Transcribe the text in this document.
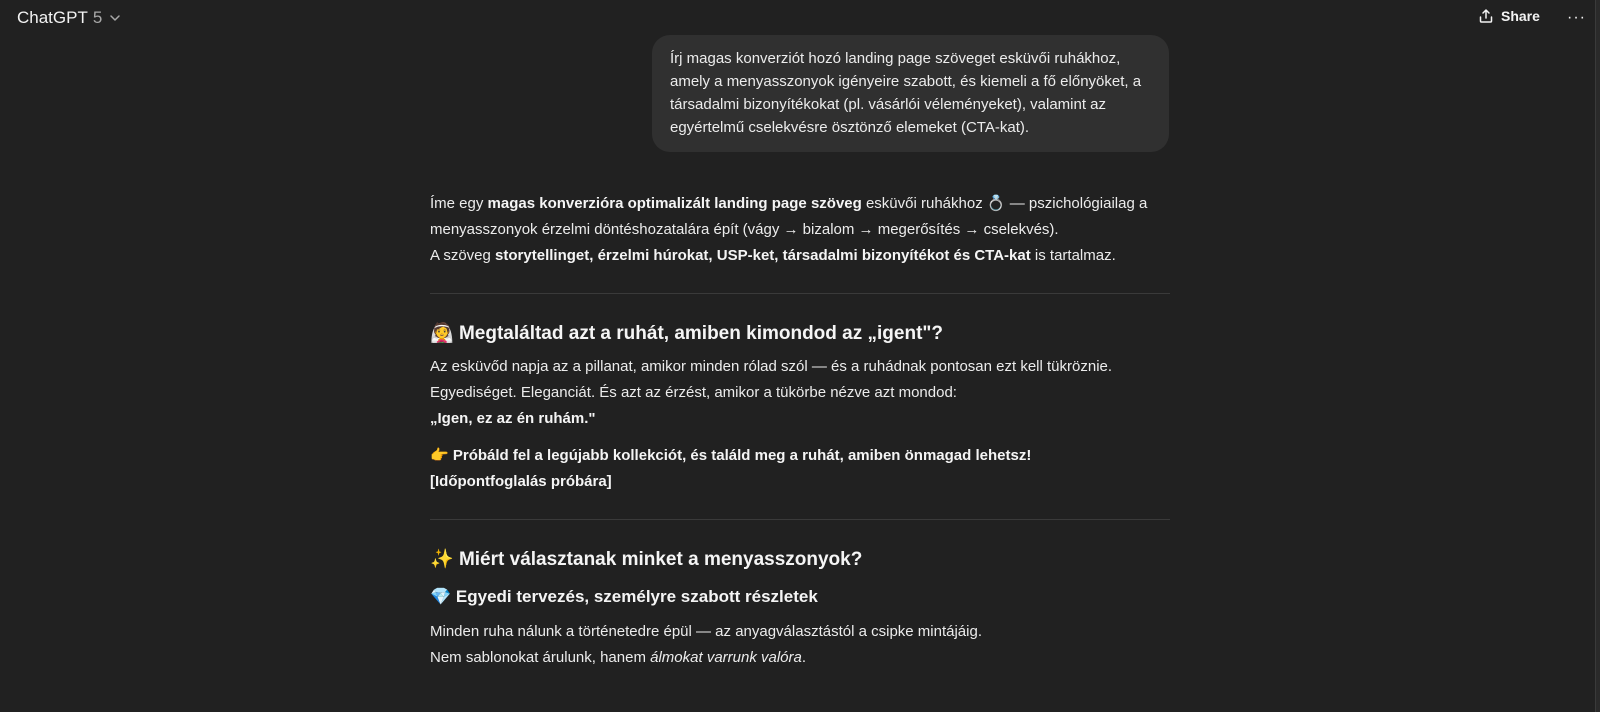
ChatGPT 5	Share ···
Írj magas konverziót hozó landing page szöveget esküvői ruhákhoz, amely a menyasszonyok igényeire szabott, és kiemeli a fő előnyöket, a társadalmi bizonyítékokat (pl. vásárlói véleményeket), valamint az egyértelmű cselekvésre ösztönző elemeket (CTA-kat).

Íme egy magas konverzióra optimalizált landing page szöveg esküvői ruhákhoz 💍 — pszichológiailag a menyasszonyok érzelmi döntéshozatalára épít (vágy → bizalom → megerősítés → cselekvés).

A szöveg storytellinget, érzelmi húrokat, USP-ket, társadalmi bizonyítékot és CTA-kat is tartalmaz.

👰 Megtaláltad azt a ruhát, amiben kimondod az „igent"?

Az esküvőd napja az a pillanat, amikor minden rólad szól — és a ruhádnak pontosan ezt kell tükröznie.

Egyediséget. Eleganciát. És azt az érzést, amikor a tükörbe nézve azt mondod:

„Igen, ez az én ruhám."

👉 Próbáld fel a legújabb kollekciót, és találd meg a ruhát, amiben önmagad lehetsz!

[Időpontfoglalás próbára]

✨ Miért választanak minket a menyasszonyok?
💎 Egyedi tervezés, személyre szabott részletek

Minden ruha nálunk a történetedre épül — az anyagválasztástól a csipke mintájáig.

Nem sablonokat árulunk, hanem álmokat varrunk valóra.
